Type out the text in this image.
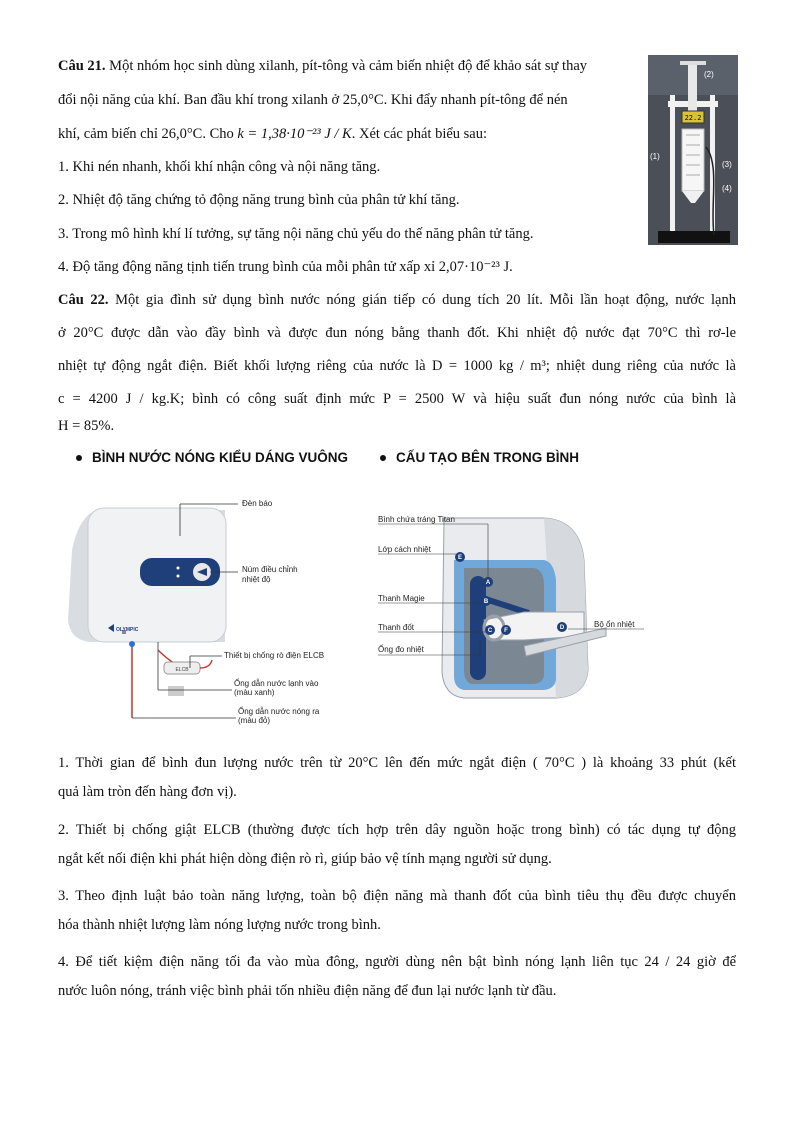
Câu 21. Một nhóm học sinh dùng xilanh, pít-tông và cảm biến nhiệt độ để khảo sát sự thay
đổi nội năng của khí. Ban đầu khí trong xilanh ở 25,0°C. Khi đẩy nhanh pít-tông để nén
khí, cảm biến chỉ 26,0°C. Cho k = 1,38·10⁻²³ J / K. Xét các phát biểu sau:
1. Khi nén nhanh, khối khí nhận công và nội năng tăng.
2. Nhiệt độ tăng chứng tỏ động năng trung bình của phân tử khí tăng.
3. Trong mô hình khí lí tưởng, sự tăng nội năng chủ yếu do thế năng phân tử tăng.
4. Độ tăng động năng tịnh tiến trung bình của mỗi phân tử xấp xỉ 2,07·10⁻²³ J.
22.2
(1)
(2)
(3)
(4)
Câu 22. Một gia đình sử dụng bình nước nóng gián tiếp có dung tích 20 lít. Mỗi lần hoạt động, nước lạnh
ở 20°C được dẫn vào đầy bình và được đun nóng bằng thanh đốt. Khi nhiệt độ nước đạt 70°C thì rơ-le
nhiệt tự động ngắt điện. Biết khối lượng riêng của nước là D = 1000 kg / m³; nhiệt dung riêng của nước là
c = 4200 J / kg.K; bình có công suất định mức P = 2500 W và hiệu suất đun nóng nước của bình là
H = 85%.
BÌNH NƯỚC NÓNG KIỂU DÁNG VUÔNG	CẤU TẠO BÊN TRONG BÌNH
OLYMPIC
Đèn báo
Núm điều chỉnh
nhiệt độ
ELCB
Thiết bị chống rò điện ELCB
Ống dẫn nước lạnh vào
(màu xanh)
Ống dẫn nước nóng ra
(màu đỏ)
E
A
B
C F	D
Bình chứa tráng Titan
Lớp cách nhiệt
Thanh Magie
Thanh đốt
Ống đo nhiệt
Bộ ổn nhiệt
1. Thời gian để bình đun lượng nước trên từ 20°C lên đến mức ngắt điện ( 70°C ) là khoảng 33 phút (kết
quả làm tròn đến hàng đơn vị).
2. Thiết bị chống giật ELCB (thường được tích hợp trên dây nguồn hoặc trong bình) có tác dụng tự động
ngắt kết nối điện khi phát hiện dòng điện rò rì, giúp bảo vệ tính mạng người sử dụng.
3. Theo định luật bảo toàn năng lượng, toàn bộ điện năng mà thanh đốt của bình tiêu thụ đều được chuyển
hóa thành nhiệt lượng làm nóng lượng nước trong bình.
4. Để tiết kiệm điện năng tối đa vào mùa đông, người dùng nên bật bình nóng lạnh liên tục 24 / 24 giờ để
nước luôn nóng, tránh việc bình phải tốn nhiều điện năng để đun lại nước lạnh từ đầu.
